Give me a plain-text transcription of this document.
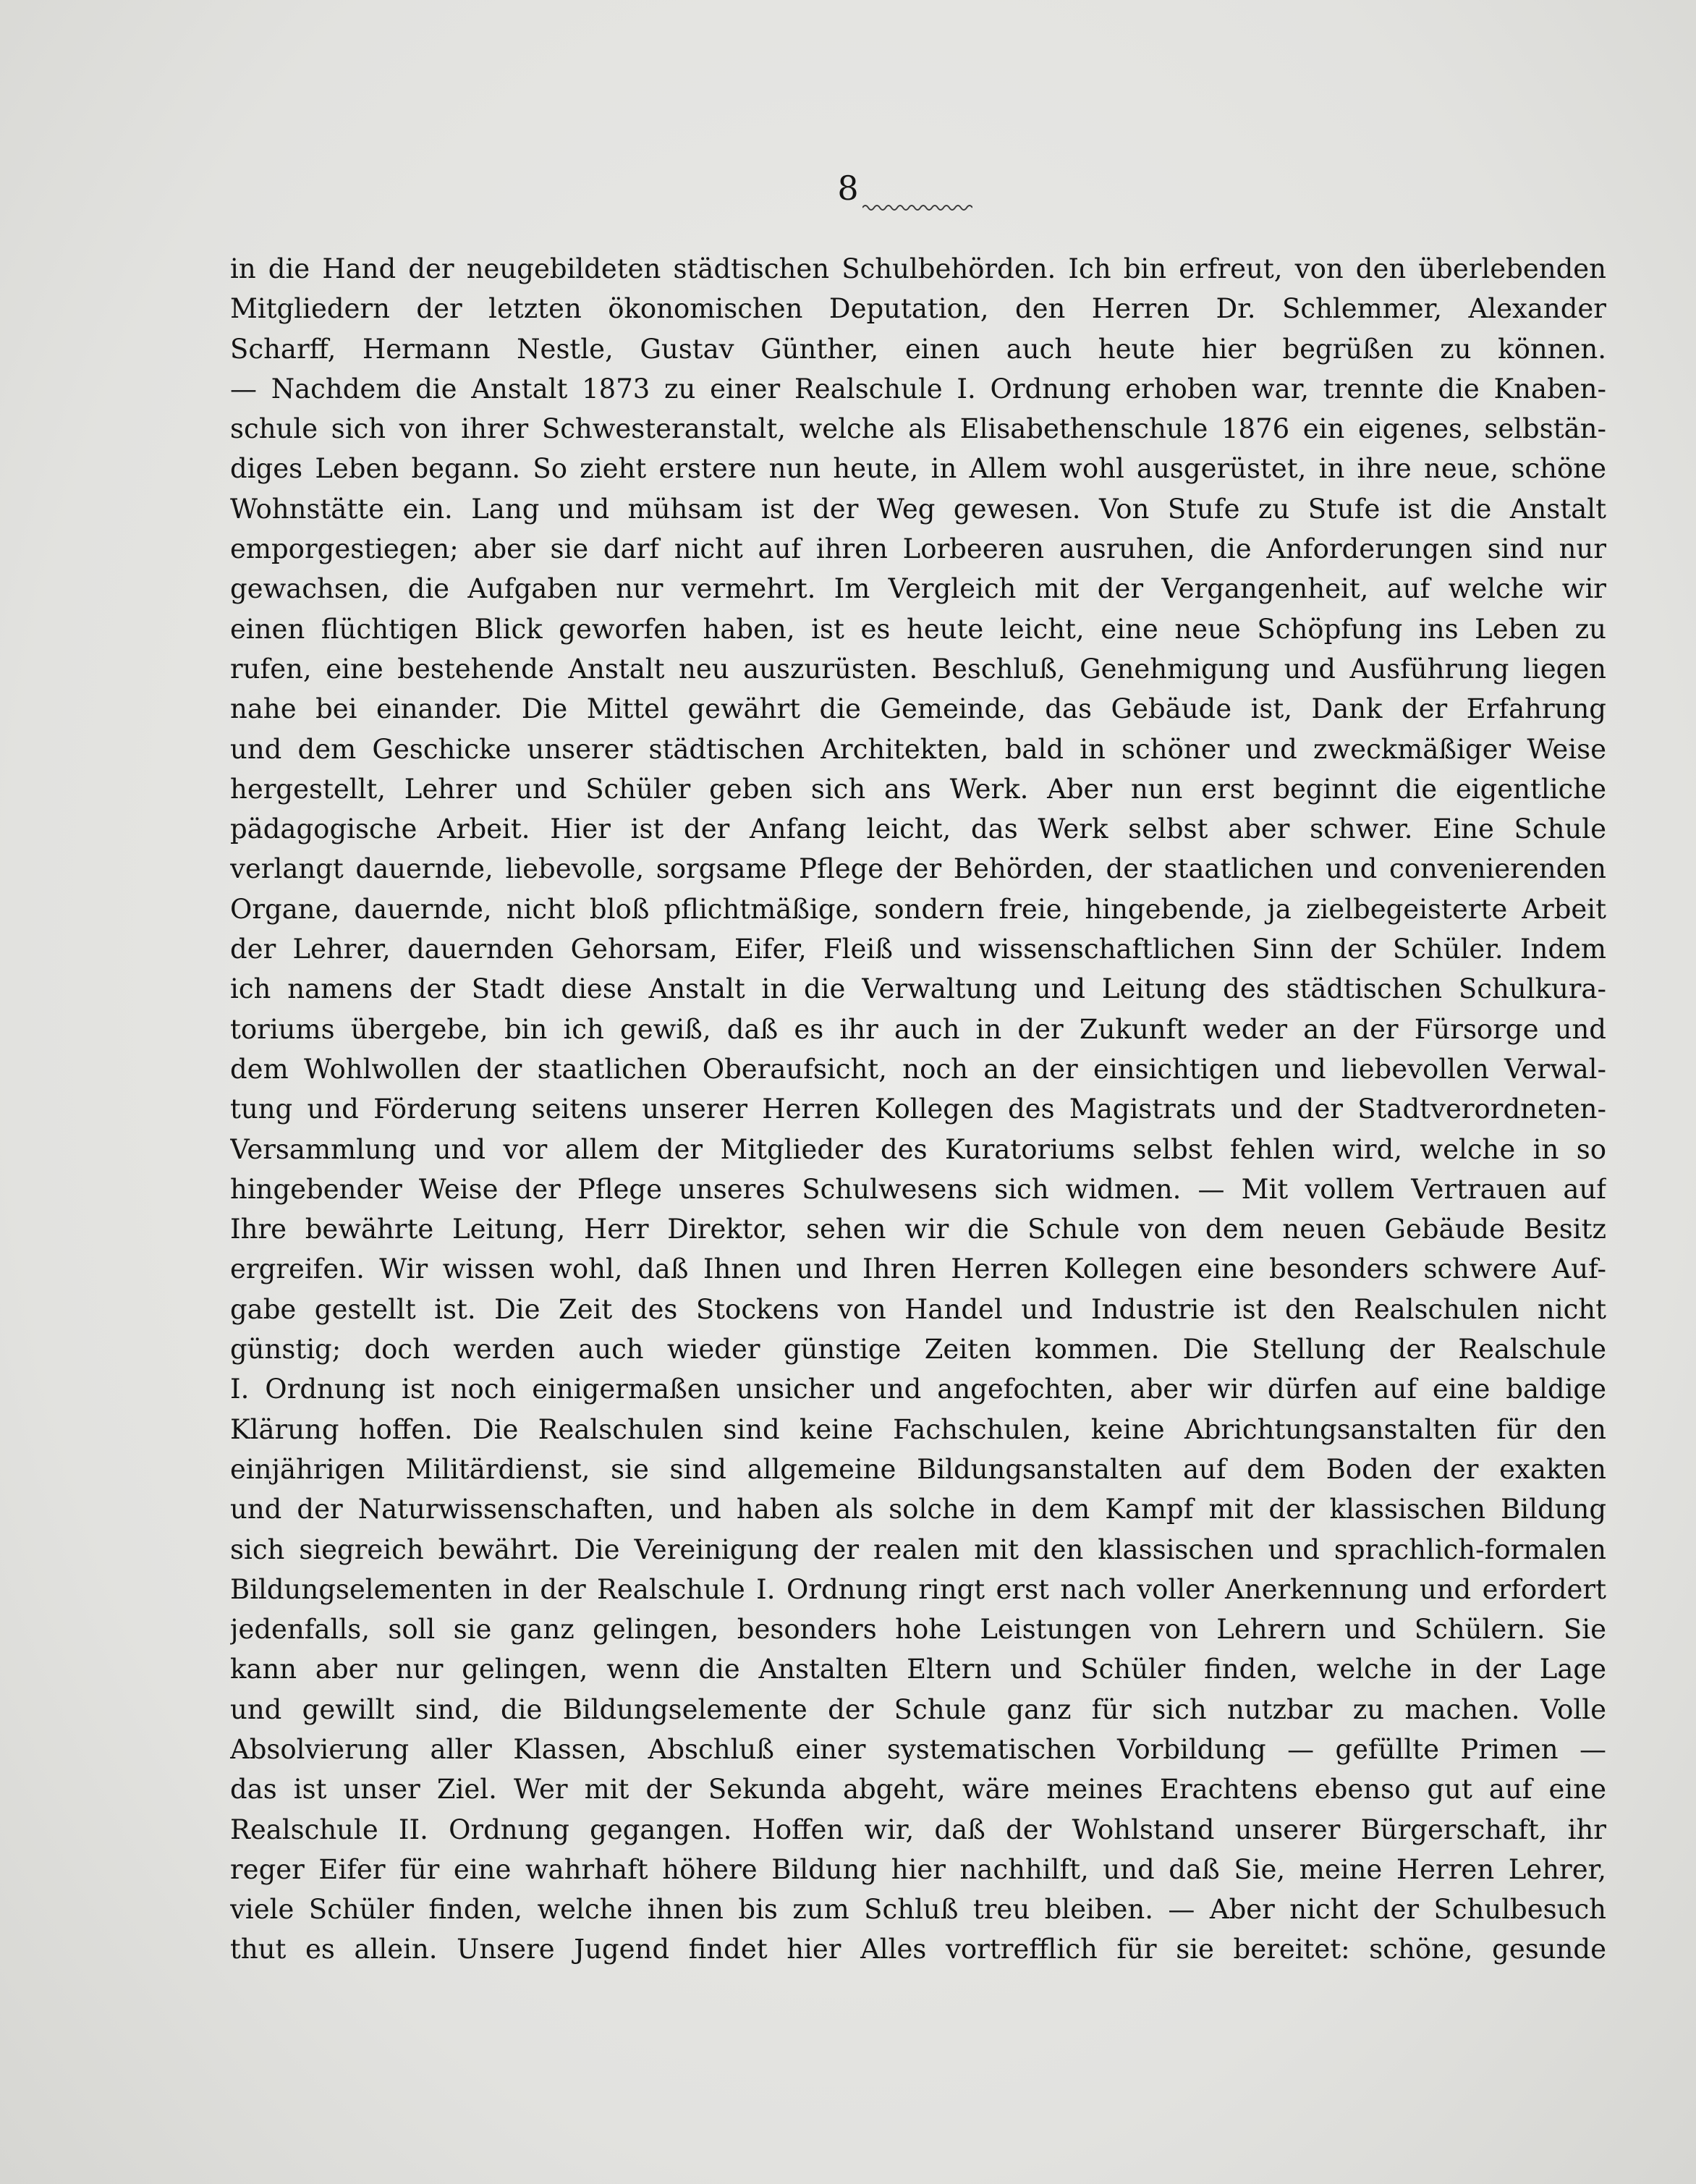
8
in die Hand der neugebildeten städtischen Schulbehörden. Ich bin erfreut, von den überlebenden
Mitgliedern der letzten ökonomischen Deputation, den Herren Dr. Schlemmer, Alexander
Scharff, Hermann Nestle, Gustav Günther, einen auch heute hier begrüßen zu können.
— Nachdem die Anstalt 1873 zu einer Realschule I. Ordnung erhoben war, trennte die Knaben-
schule sich von ihrer Schwesteranstalt, welche als Elisabethenschule 1876 ein eigenes, selbstän-
diges Leben begann. So zieht erstere nun heute, in Allem wohl ausgerüstet, in ihre neue, schöne
Wohnstätte ein. Lang und mühsam ist der Weg gewesen. Von Stufe zu Stufe ist die Anstalt
emporgestiegen; aber sie darf nicht auf ihren Lorbeeren ausruhen, die Anforderungen sind nur
gewachsen, die Aufgaben nur vermehrt. Im Vergleich mit der Vergangenheit, auf welche wir
einen flüchtigen Blick geworfen haben, ist es heute leicht, eine neue Schöpfung ins Leben zu
rufen, eine bestehende Anstalt neu auszurüsten. Beschluß, Genehmigung und Ausführung liegen
nahe bei einander. Die Mittel gewährt die Gemeinde, das Gebäude ist, Dank der Erfahrung
und dem Geschicke unserer städtischen Architekten, bald in schöner und zweckmäßiger Weise
hergestellt, Lehrer und Schüler geben sich ans Werk. Aber nun erst beginnt die eigentliche
pädagogische Arbeit. Hier ist der Anfang leicht, das Werk selbst aber schwer. Eine Schule
verlangt dauernde, liebevolle, sorgsame Pflege der Behörden, der staatlichen und convenierenden
Organe, dauernde, nicht bloß pflichtmäßige, sondern freie, hingebende, ja zielbegeisterte Arbeit
der Lehrer, dauernden Gehorsam, Eifer, Fleiß und wissenschaftlichen Sinn der Schüler. Indem
ich namens der Stadt diese Anstalt in die Verwaltung und Leitung des städtischen Schulkura-
toriums übergebe, bin ich gewiß, daß es ihr auch in der Zukunft weder an der Fürsorge und
dem Wohlwollen der staatlichen Oberaufsicht, noch an der einsichtigen und liebevollen Verwal-
tung und Förderung seitens unserer Herren Kollegen des Magistrats und der Stadtverordneten-
Versammlung und vor allem der Mitglieder des Kuratoriums selbst fehlen wird, welche in so
hingebender Weise der Pflege unseres Schulwesens sich widmen. — Mit vollem Vertrauen auf
Ihre bewährte Leitung, Herr Direktor, sehen wir die Schule von dem neuen Gebäude Besitz
ergreifen. Wir wissen wohl, daß Ihnen und Ihren Herren Kollegen eine besonders schwere Auf-
gabe gestellt ist. Die Zeit des Stockens von Handel und Industrie ist den Realschulen nicht
günstig; doch werden auch wieder günstige Zeiten kommen. Die Stellung der Realschule
I. Ordnung ist noch einigermaßen unsicher und angefochten, aber wir dürfen auf eine baldige
Klärung hoffen. Die Realschulen sind keine Fachschulen, keine Abrichtungsanstalten für den
einjährigen Militärdienst, sie sind allgemeine Bildungsanstalten auf dem Boden der exakten
und der Naturwissenschaften, und haben als solche in dem Kampf mit der klassischen Bildung
sich siegreich bewährt. Die Vereinigung der realen mit den klassischen und sprachlich-formalen
Bildungselementen in der Realschule I. Ordnung ringt erst nach voller Anerkennung und erfordert
jedenfalls, soll sie ganz gelingen, besonders hohe Leistungen von Lehrern und Schülern. Sie
kann aber nur gelingen, wenn die Anstalten Eltern und Schüler finden, welche in der Lage
und gewillt sind, die Bildungselemente der Schule ganz für sich nutzbar zu machen. Volle
Absolvierung aller Klassen, Abschluß einer systematischen Vorbildung — gefüllte Primen —
das ist unser Ziel. Wer mit der Sekunda abgeht, wäre meines Erachtens ebenso gut auf eine
Realschule II. Ordnung gegangen. Hoffen wir, daß der Wohlstand unserer Bürgerschaft, ihr
reger Eifer für eine wahrhaft höhere Bildung hier nachhilft, und daß Sie, meine Herren Lehrer,
viele Schüler finden, welche ihnen bis zum Schluß treu bleiben. — Aber nicht der Schulbesuch
thut es allein. Unsere Jugend findet hier Alles vortrefflich für sie bereitet: schöne, gesunde
